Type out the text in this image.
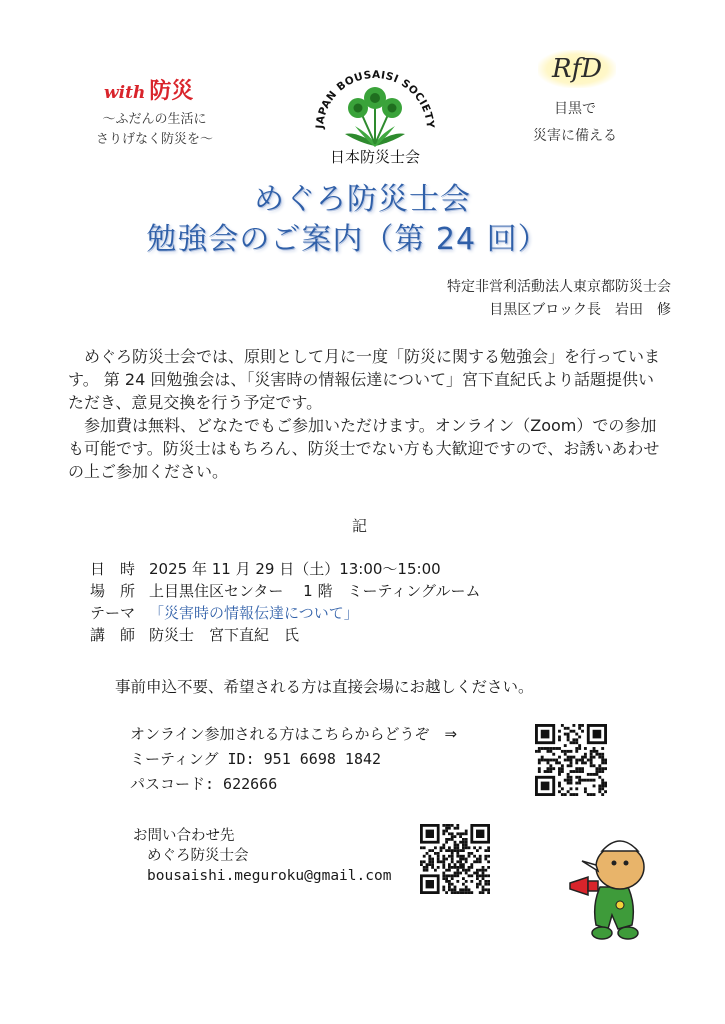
with 防災
～ふだんの生活に
さりげなく防災を～
JAPAN BOUSAISI SOCIETY
日本防災士会
RfD
目黒で
災害に備える
めぐろ防災士会
勉強会のご案内（第 24 回）
特定非営利活動法人東京都防災士会
目黒区ブロック長　岩田　修
　めぐろ防災士会では、原則として月に一度「防災に関する勉強会」を行っています。 第 24 回勉強会は、「災害時の情報伝達について」宮下直紀氏より話題提供いただき、意見交換を行う予定です。
　参加費は無料、どなたでもご参加いただけます。オンライン（Zoom）での参加も可能です。防災士はもちろん、防災士でない方も大歓迎ですので、お誘いあわせの上ご参加ください。
記
日　時 2025 年 11 月 29 日（土）13:00～15:00
場　所 上目黒住区センター　 1 階　ミーティングルーム
テーマ 「災害時の情報伝達について」
講　師 防災士　宮下直紀　氏
事前申込不要、希望される方は直接会場にお越しください。
オンライン参加される方はこちらからどうぞ　⇒
ミーティング ID: 951 6698 1842
パスコード: 622666
お問い合わせ先
めぐろ防災士会
bousaishi.meguroku@gmail.com
